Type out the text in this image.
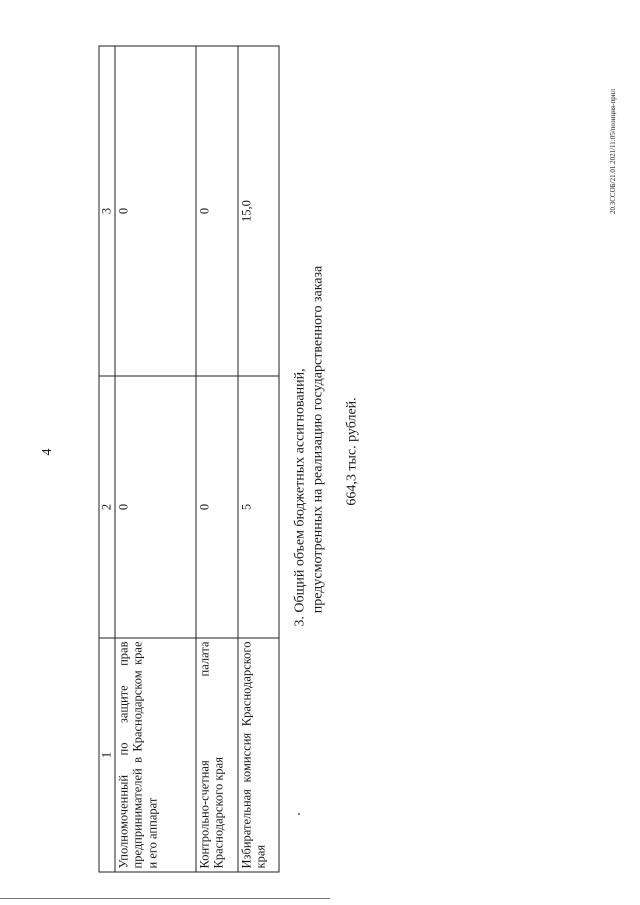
4
20.ЗССОБ/21.01.2021/11:05/позиция-прил
1	2	3
Уполномоченный по защите прав предпринимателей в Краснодарском крае и его аппарат	0	0
Контрольно-счетная палата Краснодарского края	0	0
Избирательная комиссия Краснодарского края	5	15,0
3. Общий объем бюджетных ассигнований, предусмотренных на реализацию государственного заказа 664,3 тыс. рублей.
